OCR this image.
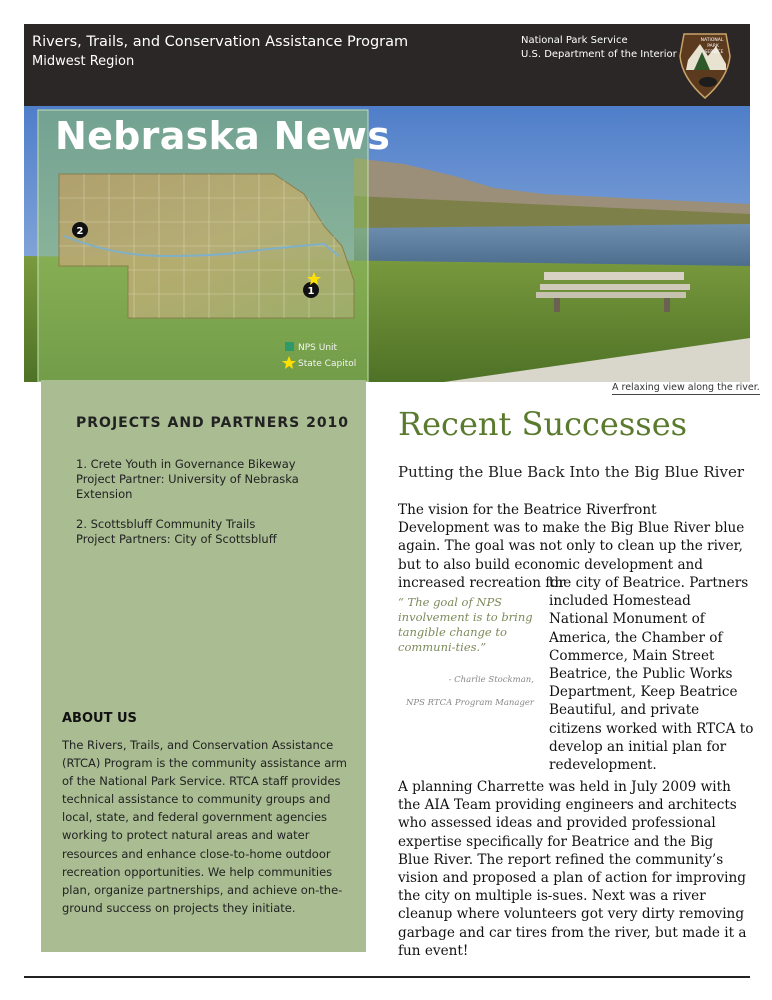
Rivers, Trails, and Conservation Assistance Program
Midwest Region
National Park Service
U.S. Department of the Interior
NATIONAL
PARK
SERVICE
2
1
NPS Unit
State Capitol
Nebraska News
A relaxing view along the river.
PROJECTS AND PARTNERS 2010
1. Crete Youth in Governance Bikeway
Project Partner: University of Nebraska
Extension
2. Scottsbluff Community Trails
Project Partners: City of Scottsbluff
ABOUT US
The Rivers, Trails, and Conservation Assistance (RTCA) Program is the community assistance arm of the National Park Service. RTCA staff provides technical assistance to community groups and local, state, and federal government agencies working to protect natural areas and water resources and enhance close-to-home outdoor recreation opportunities. We help communities plan, organize partnerships, and achieve on-the-ground success on projects they initiate.
Recent Successes
Putting the Blue Back Into the Big Blue River
The vision for the Beatrice Riverfront Development was to make the Big Blue River blue again. The goal was not only to clean up the river, but to also build economic development and increased recreation for
the city of Beatrice. Partners included Homestead National Monument of America, the Chamber of Commerce, Main Street Beatrice, the Public Works Department, Keep Beatrice Beautiful, and private citizens worked with RTCA to develop an initial plan for redevelopment.
“ The goal of NPS involvement is to bring tangible change to communi-ties.”
- Charlie Stockman,
NPS RTCA Program Manager
A planning Charrette was held in July 2009 with the AIA Team providing engineers and architects who assessed ideas and provided professional expertise specifically for Beatrice and the Big Blue River. The report refined the community’s vision and proposed a plan of action for improving the city on multiple is-sues. Next was a river cleanup where volunteers got very dirty removing garbage and car tires from the river, but made it a fun event!
